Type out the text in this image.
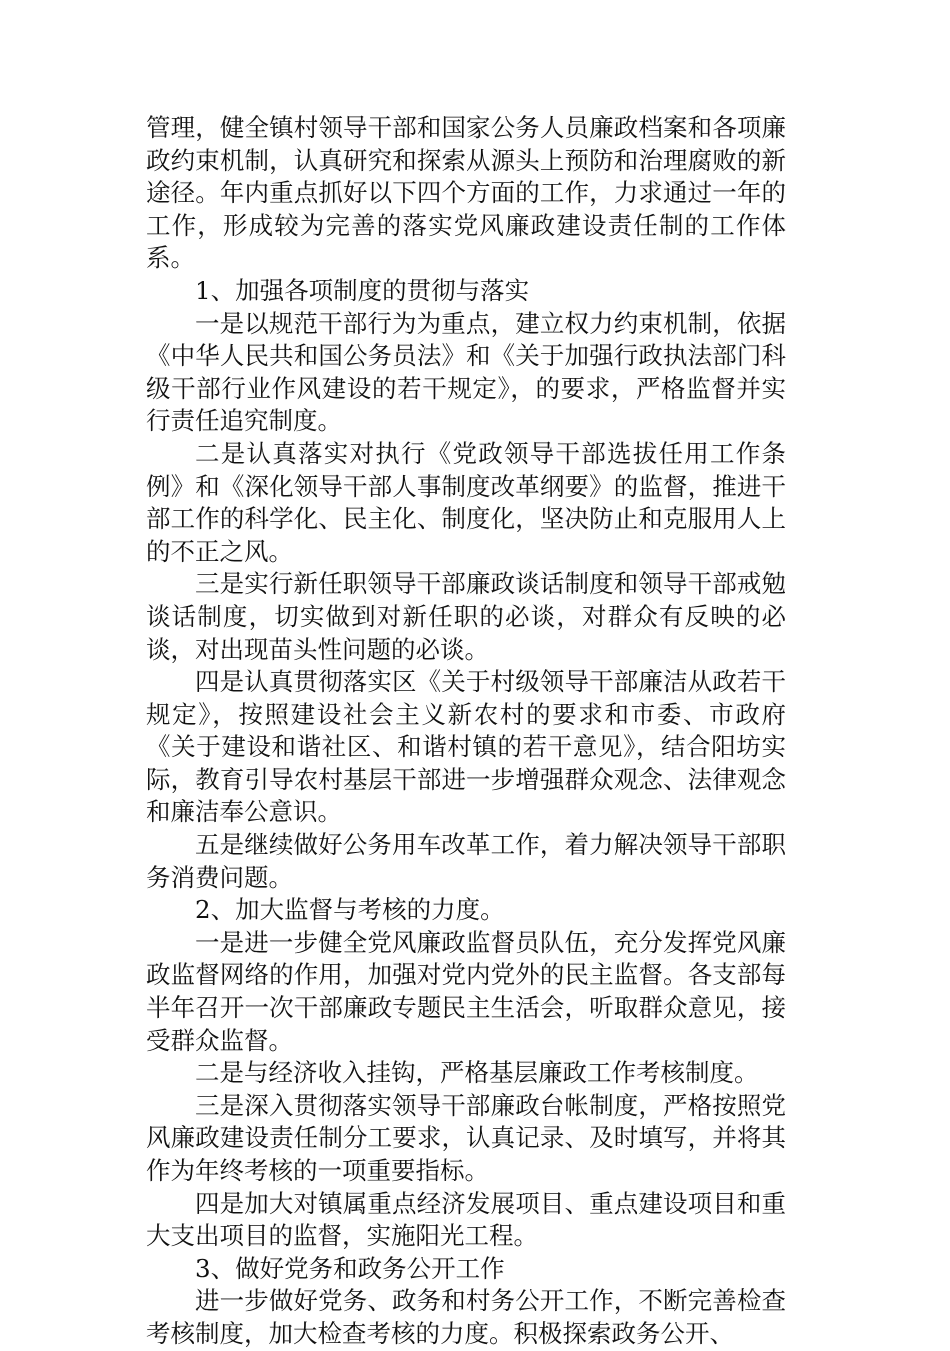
管理，健全镇村领导干部和国家公务人员廉政档案和各项廉政约束机制，认真研究和探索从源头上预防和治理腐败的新途径。年内重点抓好以下四个方面的工作，力求通过一年的工作，形成较为完善的落实党风廉政建设责任制的工作体系。

1、加强各项制度的贯彻与落实

一是以规范干部行为为重点，建立权力约束机制，依据《中华人民共和国公务员法》和《关于加强行政执法部门科级干部行业作风建设的若干规定》，的要求，严格监督并实行责任追究制度。

二是认真落实对执行《党政领导干部选拔任用工作条例》和《深化领导干部人事制度改革纲要》的监督，推进干部工作的科学化、民主化、制度化，坚决防止和克服用人上的不正之风。

三是实行新任职领导干部廉政谈话制度和领导干部戒勉谈话制度，切实做到对新任职的必谈，对群众有反映的必谈，对出现苗头性问题的必谈。

四是认真贯彻落实区《关于村级领导干部廉洁从政若干规定》，按照建设社会主义新农村的要求和市委、市政府《关于建设和谐社区、和谐村镇的若干意见》，结合阳坊实际，教育引导农村基层干部进一步增强群众观念、法律观念和廉洁奉公意识。

五是继续做好公务用车改革工作，着力解决领导干部职务消费问题。

2、加大监督与考核的力度。

一是进一步健全党风廉政监督员队伍，充分发挥党风廉政监督网络的作用，加强对党内党外的民主监督。各支部每半年召开一次干部廉政专题民主生活会，听取群众意见，接受群众监督。

二是与经济收入挂钩，严格基层廉政工作考核制度。

三是深入贯彻落实领导干部廉政台帐制度，严格按照党风廉政建设责任制分工要求，认真记录、及时填写，并将其作为年终考核的一项重要指标。

四是加大对镇属重点经济发展项目、重点建设项目和重大支出项目的监督，实施阳光工程。

3、做好党务和政务公开工作

进一步做好党务、政务和村务公开工作，不断完善检查考核制度，加大检查考核的力度。积极探索政务公开、
